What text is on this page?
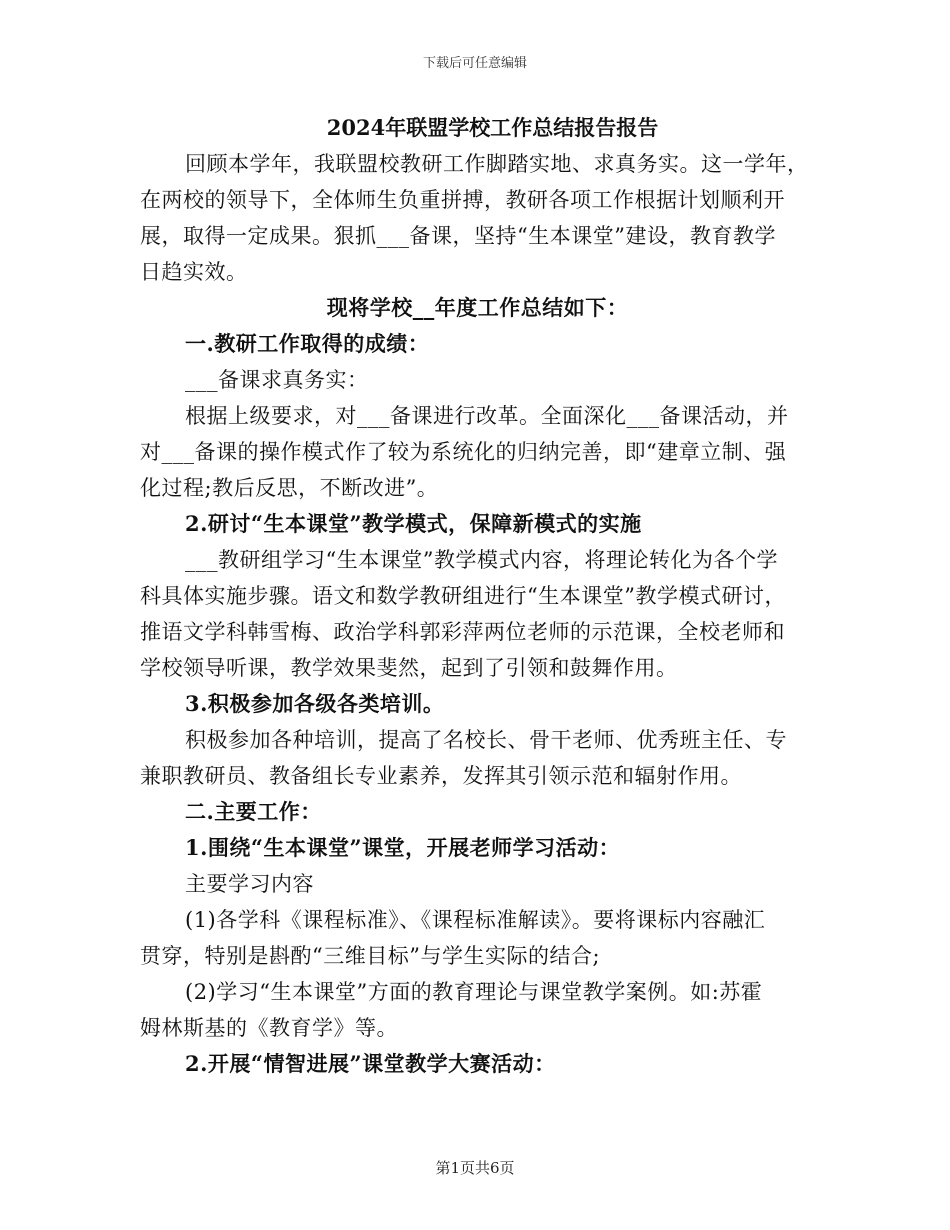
下载后可任意编辑
2024年联盟学校工作总结报告报告
回顾本学年，我联盟校教研工作脚踏实地、求真务实。这一学年，
在两校的领导下，全体师生负重拼搏，教研各项工作根据计划顺利开
展，取得一定成果。狠抓___备课，坚持“生本课堂”建设，教育教学
日趋实效。
现将学校__年度工作总结如下：
一.教研工作取得的成绩：
___备课求真务实：
根据上级要求，对___备课进行改革。全面深化___备课活动，并
对___备课的操作模式作了较为系统化的归纳完善，即“建章立制、强
化过程;教后反思，不断改进”。
2.研讨“生本课堂”教学模式，保障新模式的实施
___教研组学习“生本课堂”教学模式内容，将理论转化为各个学
科具体实施步骤。语文和数学教研组进行“生本课堂”教学模式研讨，
推语文学科韩雪梅、政治学科郭彩萍两位老师的示范课，全校老师和
学校领导听课，教学效果斐然，起到了引领和鼓舞作用。
3.积极参加各级各类培训。
积极参加各种培训，提高了名校长、骨干老师、优秀班主任、专
兼职教研员、教备组长专业素养，发挥其引领示范和辐射作用。
二.主要工作：
1.围绕“生本课堂”课堂，开展老师学习活动：
主要学习内容
(1)各学科《课程标准》、《课程标准解读》。要将课标内容融汇
贯穿，特别是斟酌“三维目标”与学生实际的结合;
(2)学习“生本课堂”方面的教育理论与课堂教学案例。如:苏霍
姆林斯基的《教育学》等。
2.开展“情智进展”课堂教学大赛活动：
第1页共6页
